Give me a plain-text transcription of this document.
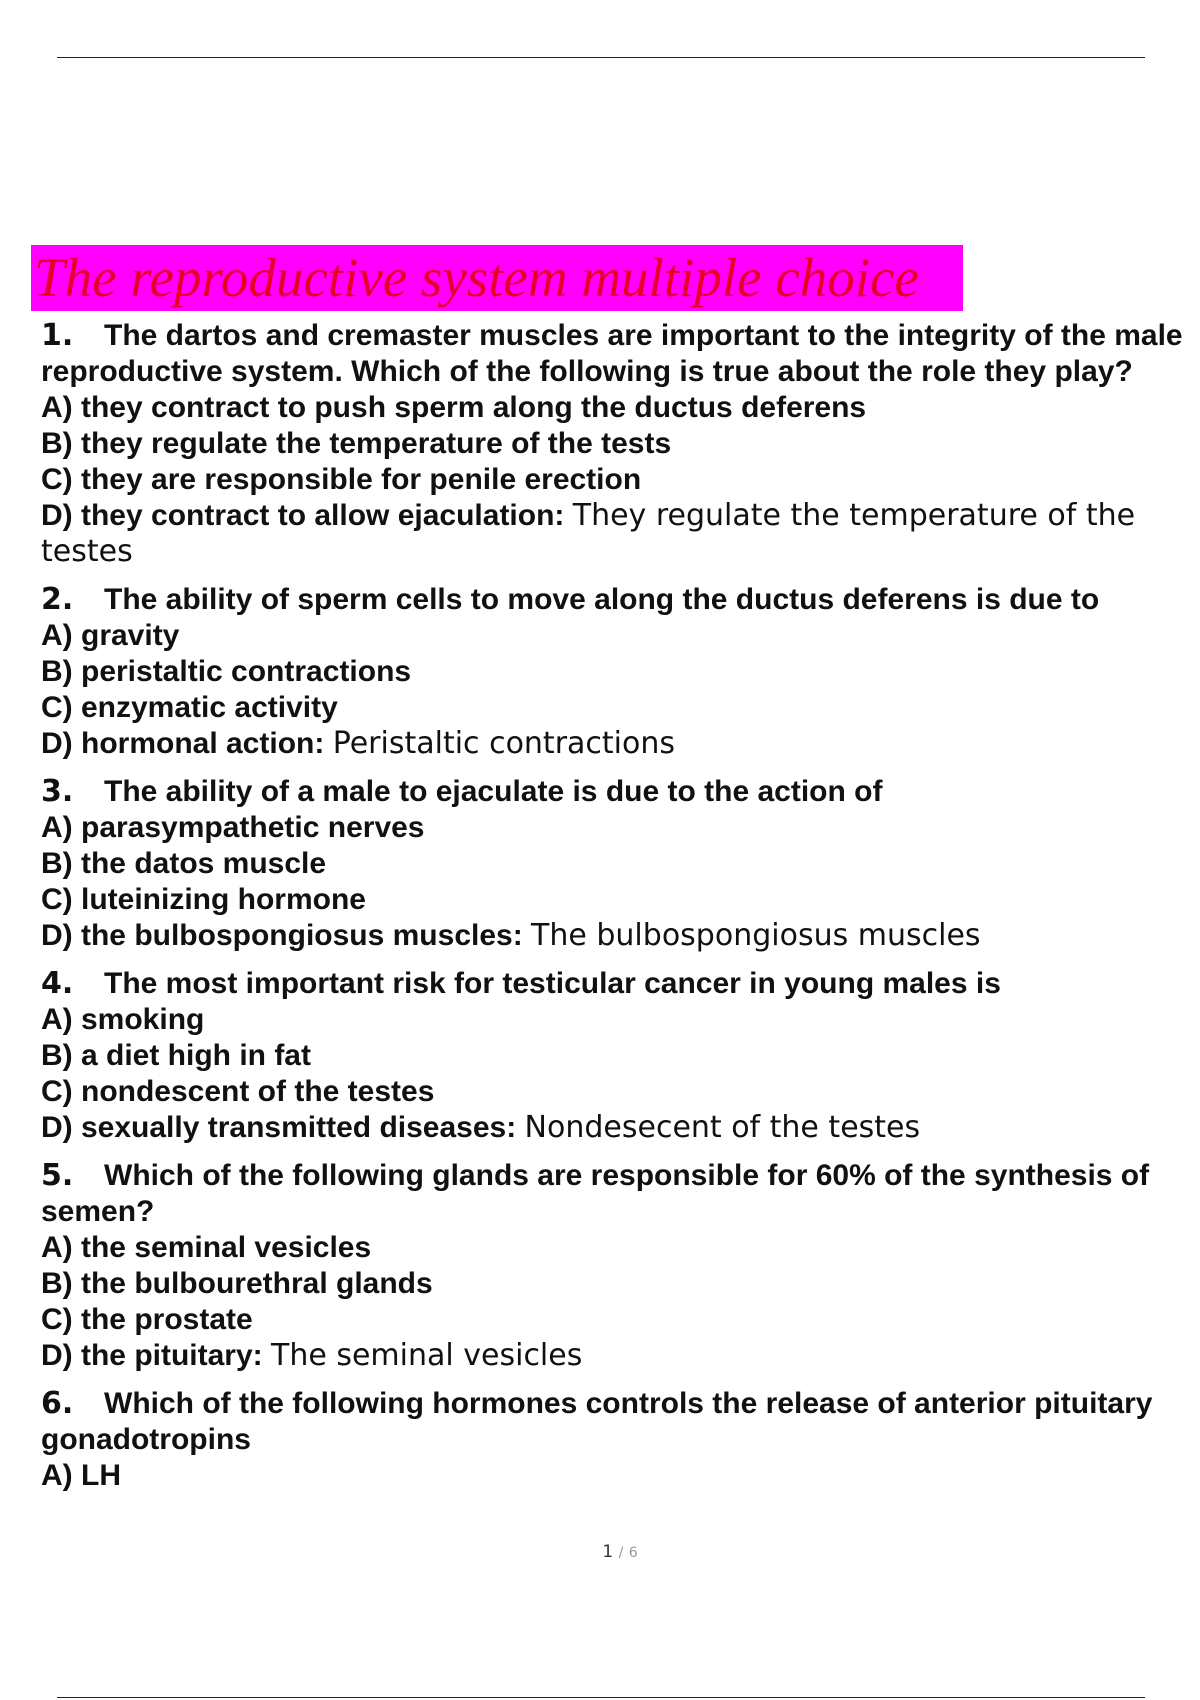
The reproductive system multiple choice

1. The dartos and cremaster muscles are important to the integrity of the male reproductive system. Which of the following is true about the role they play?

A) they contract to push sperm along the ductus deferens

B) they regulate the temperature of the tests

C) they are responsible for penile erection

D) they contract to allow ejaculation: They regulate the temperature of the testes

2. The ability of sperm cells to move along the ductus deferens is due to

A) gravity

B) peristaltic contractions

C) enzymatic activity

D) hormonal action: Peristaltic contractions

3. The ability of a male to ejaculate is due to the action of

A) parasympathetic nerves

B) the datos muscle

C) luteinizing hormone

D) the bulbospongiosus muscles: The bulbospongiosus muscles

4. The most important risk for testicular cancer in young males is

A) smoking

B) a diet high in fat

C) nondescent of the testes

D) sexually transmitted diseases: Nondesecent of the testes

5. Which of the following glands are responsible for 60% of the synthesis of semen?

A) the seminal vesicles

B) the bulbourethral glands

C) the prostate

D) the pituitary: The seminal vesicles

6. Which of the following hormones controls the release of anterior pituitary gonadotropins

A) LH

1 / 6
